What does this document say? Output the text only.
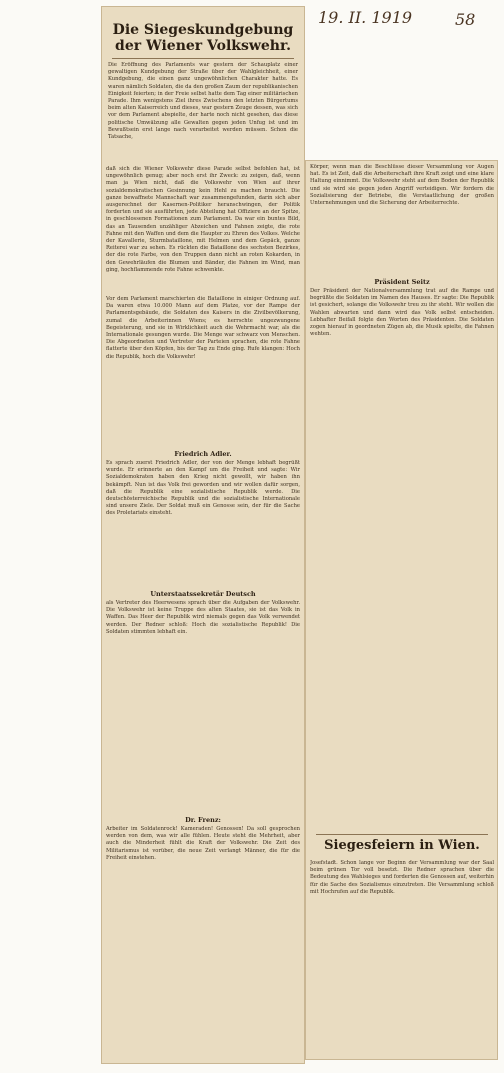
19. II. 1919	58
Die Siegeskundgebung der Wiener Volkswehr.
Die Eröffnung des Parlaments war gestern der Schauplatz einer gewaltigen Kundgebung der Straße über der Wahlgleichheit, einer Kundgebung, die einen ganz ungewöhnlichen Charakter hatte. Es waren nämlich Soldaten, die da den großen Zaum der republikanischen Einigkeit feierten; in der Freie selbst hatte dem Tag einer militärischen Parade. Ihm wenigstens Ziel ihres Zwischens den letzten Bürgertums beim alten Kaiserreich und dieses, war gestern Zeuge dessen, was sich vor dem Parlament abspielte, der harte noch nicht gesehen, das diese politische Umwälzung alle Gewalten gegen jeden Unfug ist und im Bewußtsein erst lange nach verarbeitet werden müssen. Schon die Tatsache,
daß sich die Wiener Volkswehr diese Parade selbst befohlen hat, ist ungewöhnlich genug; aber noch erst ihr Zweck: zu zeigen, daß, wenn man ja Wien nicht, daß die Volkswehr von Wien auf ihrer sozialdemokratischen Gesinnung kein Hehl zu machen braucht. Die ganze bewaffnete Mannschaft war zusammengefunden, darin sich aber ausgerechnet der Kasernen-Politiker heranschwingen, der Politik forderten und sie ausführten, jede Abteilung hat Offiziere an der Spitze, in geschlossenen Formationen zum Parlament. Da war ein buntes Bild, das an Tausenden unzähliger Abzeichen und Fahnen zeigte, die rote Fahne mit den Waffen und dem die Haupter zu Ehren des Volkes. Welche der Kavallerie, Sturmbataillone, mit Helmen und dem Gepäck, ganze Reiterei war zu sehen. Es rückten die Bataillone des sechsten Bezirkes, der die rote Farbe, von den Truppen dann nicht an roten Kokarden, in den Gewehrläufen die Blumen und Bänder, die Fahnen im Wind, man ging, hochflammende rote Fahne schwenkte.
Vor dem Parlament marschierten die Bataillone in einiger Ordnung auf. Da waren etwa 10.000 Mann auf dem Platze, vor der Rampe der Parlamentsgebäude, die Soldaten des Kaisers in die Zivilbevölkerung, zumal die Arbeiterinnen Wiens; es herrschte ungezwungene Begeisterung, und sie in Wirklichkeit auch die Wehrmacht war, als die Internationale gesungen wurde. Die Menge war schwarz von Menschen. Die Abgeordneten und Vertreter der Parteien sprachen, die rote Fahne flatterte über den Köpfen, bis der Tag zu Ende ging. Rufe klangen: Hoch die Republik, hoch die Volkswehr!
Friedrich Adler.
Es sprach zuerst Friedrich Adler, der von der Menge lebhaft begrüßt wurde. Er erinnerte an den Kampf um die Freiheit und sagte: Wir Sozialdemokraten haben den Krieg nicht gewollt, wir haben ihn bekämpft. Nun ist das Volk frei geworden und wir wollen dafür sorgen, daß die Republik eine sozialistische Republik werde. Die deutschösterreichische Republik und die sozialistische Internationale sind unsere Ziele. Der Soldat muß ein Genosse sein, der für die Sache des Proletariats einsteht.
Unterstaatssekretär Deutsch
als Vertreter des Heerwesens sprach über die Aufgaben der Volkswehr. Die Volkswehr ist keine Truppe des alten Staates, sie ist das Volk in Waffen. Das Heer der Republik wird niemals gegen das Volk verwendet werden. Der Redner schloß: Hoch die sozialistische Republik! Die Soldaten stimmten lebhaft ein.
Dr. Frenz:
Arbeiter im Soldatenrock! Kameraden! Genossen! Da soll gesprochen werden von dem, was wir alle fühlen. Heute steht die Mehrheit, aber auch die Minderheit fühlt die Kraft der Volkswehr. Die Zeit des Militarismus ist vorüber, die neue Zeit verlangt Männer, die für die Freiheit einstehen.
Körper, wenn man die Beschlüsse dieser Versammlung vor Augen hat. Es ist Zeit, daß die Arbeiterschaft ihre Kraft zeigt und eine klare Haltung einnimmt. Die Volkswehr steht auf dem Boden der Republik und sie wird sie gegen jeden Angriff verteidigen. Wir fordern die Sozialisierung der Betriebe, die Verstaatlichung der großen Unternehmungen und die Sicherung der Arbeiterrechte.
Präsident Seitz
Der Präsident der Nationalversammlung trat auf die Rampe und begrüßte die Soldaten im Namen des Hauses. Er sagte: Die Republik ist gesichert, solange die Volkswehr treu zu ihr steht. Wir wollen die Wahlen abwarten und dann wird das Volk selbst entscheiden. Lebhafter Beifall folgte den Worten des Präsidenten. Die Soldaten zogen hierauf in geordneten Zügen ab, die Musik spielte, die Fahnen wehten.
Siegesfeiern in Wien.
Josefstadt. Schon lange vor Beginn der Versammlung war der Saal beim grünen Tor voll besetzt. Die Redner sprachen über die Bedeutung des Wahlsieges und forderten die Genossen auf, weiterhin für die Sache des Sozialismus einzutreten. Die Versammlung schloß mit Hochrufen auf die Republik.
